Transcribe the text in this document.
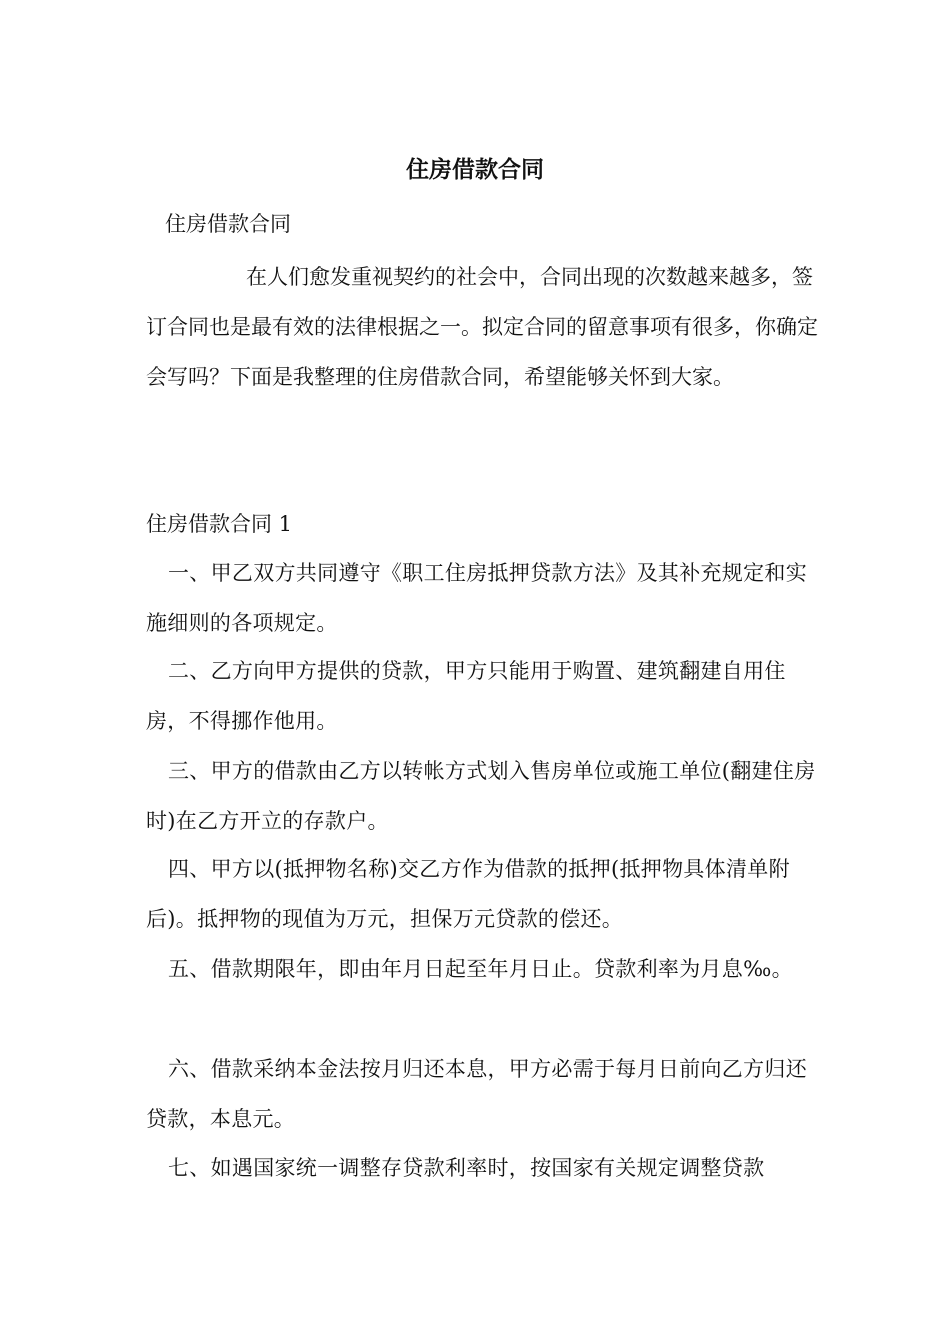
住房借款合同

住房借款合同

在人们愈发重视契约的社会中，合同出现的次数越来越多，签订合同也是最有效的法律根据之一。拟定合同的留意事项有很多，你确定会写吗？下面是我整理的住房借款合同，希望能够关怀到大家。

住房借款合同 1

一、甲乙双方共同遵守《职工住房抵押贷款方法》及其补充规定和实施细则的各项规定。

二、乙方向甲方提供的贷款，甲方只能用于购置、建筑翻建自用住房，不得挪作他用。

三、甲方的借款由乙方以转帐方式划入售房单位或施工单位(翻建住房时)在乙方开立的存款户。

四、甲方以(抵押物名称)交乙方作为借款的抵押(抵押物具体清单附后)。抵押物的现值为万元，担保万元贷款的偿还。

五、借款期限年，即由年月日起至年月日止。贷款利率为月息‰。

六、借款采纳本金法按月归还本息，甲方必需于每月日前向乙方归还贷款，本息元。

七、如遇国家统一调整存贷款利率时，按国家有关规定调整贷款
